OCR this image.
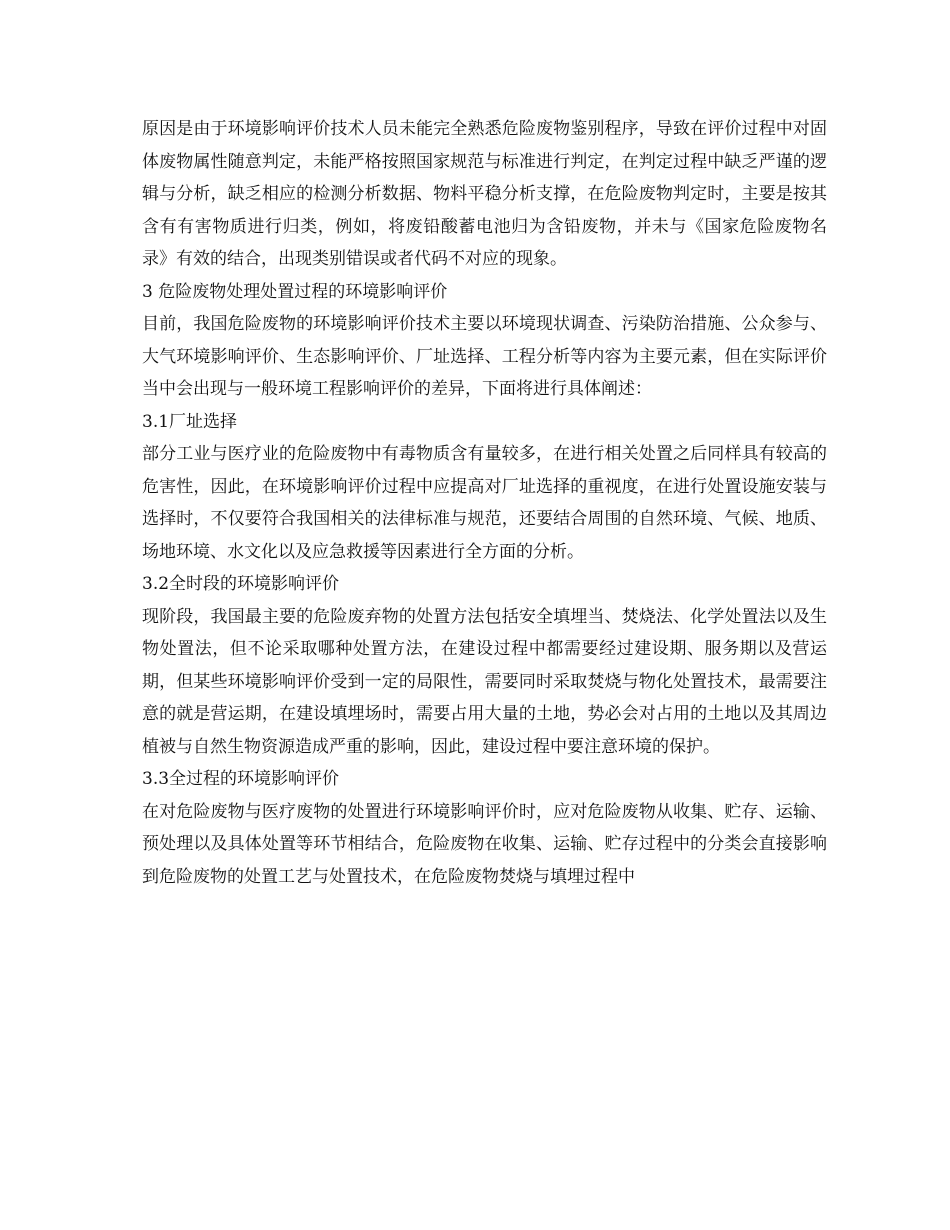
原因是由于环境影响评价技术人员未能完全熟悉危险废物鉴别程序，导致在评价过程中对固体废物属性随意判定，未能严格按照国家规范与标准进行判定，在判定过程中缺乏严谨的逻辑与分析，缺乏相应的检测分析数据、物料平稳分析支撑，在危险废物判定时，主要是按其含有有害物质进行归类，例如，将废铅酸蓄电池归为含铅废物，并未与《国家危险废物名录》有效的结合，出现类别错误或者代码不对应的现象。

3 危险废物处理处置过程的环境影响评价

目前，我国危险废物的环境影响评价技术主要以环境现状调查、污染防治措施、公众参与、大气环境影响评价、生态影响评价、厂址选择、工程分析等内容为主要元素，但在实际评价当中会出现与一般环境工程影响评价的差异，下面将进行具体阐述：

3.1厂址选择

部分工业与医疗业的危险废物中有毒物质含有量较多，在进行相关处置之后同样具有较高的危害性，因此，在环境影响评价过程中应提高对厂址选择的重视度，在进行处置设施安装与选择时，不仅要符合我国相关的法律标准与规范，还要结合周围的自然环境、气候、地质、场地环境、水文化以及应急救援等因素进行全方面的分析。

3.2全时段的环境影响评价

现阶段，我国最主要的危险废弃物的处置方法包括安全填埋当、焚烧法、化学处置法以及生物处置法，但不论采取哪种处置方法，在建设过程中都需要经过建设期、服务期以及营运期，但某些环境影响评价受到一定的局限性，需要同时采取焚烧与物化处置技术，最需要注意的就是营运期，在建设填埋场时，需要占用大量的土地，势必会对占用的土地以及其周边植被与自然生物资源造成严重的影响，因此，建设过程中要注意环境的保护。

3.3全过程的环境影响评价

在对危险废物与医疗废物的处置进行环境影响评价时，应对危险废物从收集、贮存、运输、预处理以及具体处置等环节相结合，危险废物在收集、运输、贮存过程中的分类会直接影响到危险废物的处置工艺与处置技术，在危险废物焚烧与填埋过程中
